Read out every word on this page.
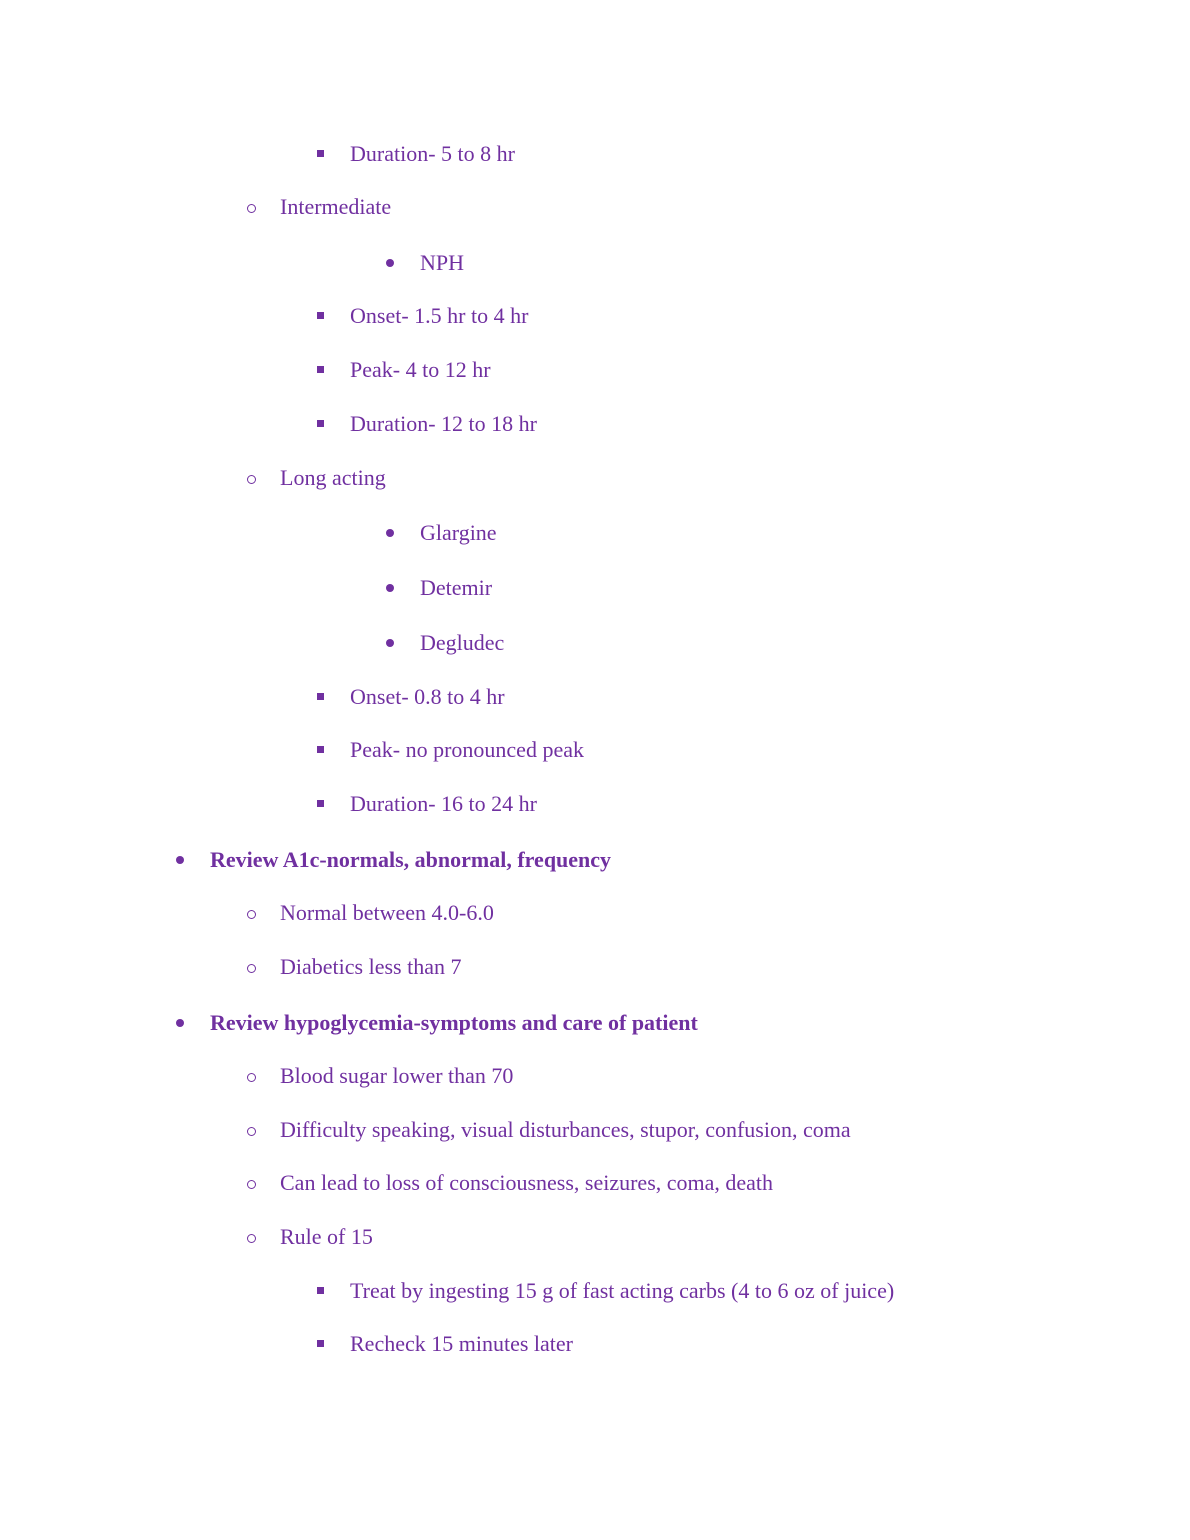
Duration- 5 to 8 hr
Intermediate
NPH
Onset- 1.5 hr to 4 hr
Peak- 4 to 12 hr
Duration- 12 to 18 hr
Long acting
Glargine
Detemir
Degludec
Onset- 0.8 to 4 hr
Peak- no pronounced peak
Duration- 16 to 24 hr
Review A1c-normals, abnormal, frequency
Normal between 4.0-6.0
Diabetics less than 7
Review hypoglycemia-symptoms and care of patient
Blood sugar lower than 70
Difficulty speaking, visual disturbances, stupor, confusion, coma
Can lead to loss of consciousness, seizures, coma, death
Rule of 15
Treat by ingesting 15 g of fast acting carbs (4 to 6 oz of juice)
Recheck 15 minutes later
